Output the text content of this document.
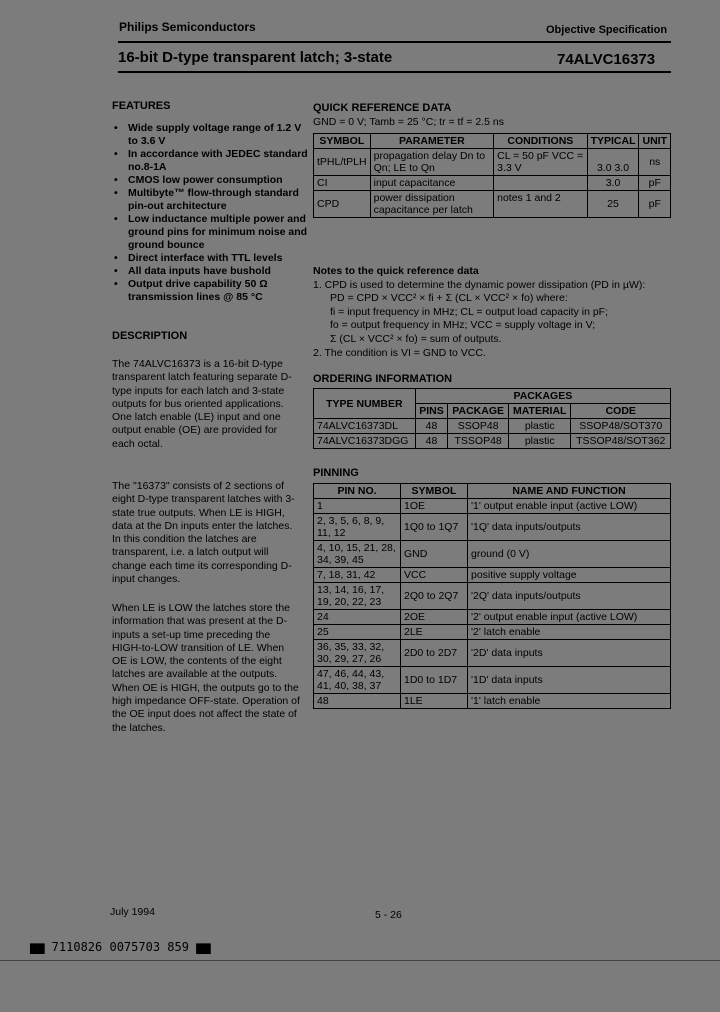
Philips Semiconductors	Objective Specification
16-bit D-type transparent latch; 3-state	74ALVC16373
FEATURES
• Wide supply voltage range of 1.2 V to 3.6 V
• In accordance with JEDEC standard no.8-1A
• CMOS low power consumption
• Multibyte™ flow-through standard pin-out architecture
• Low inductance multiple power and ground pins for minimum noise and ground bounce
• Direct interface with TTL levels
• All data inputs have bushold
• Output drive capability 50 Ω transmission lines @ 85 °C
DESCRIPTION
The 74ALVC16373 is a 16-bit D-type transparent latch featuring separate D-type inputs for each latch and 3-state outputs for bus oriented applications. One latch enable (LE) input and one output enable (OE) are provided for each octal.
The "16373" consists of 2 sections of eight D-type transparent latches with 3-state true outputs. When LE is HIGH, data at the Dn inputs enter the latches. In this condition the latches are transparent, i.e. a latch output will change each time its corresponding D-input changes.
When LE is LOW the latches store the information that was present at the D-inputs a set-up time preceding the HIGH-to-LOW transition of LE. When OE is LOW, the contents of the eight latches are available at the outputs. When OE is HIGH, the outputs go to the high impedance OFF-state. Operation of the OE input does not affect the state of the latches.
QUICK REFERENCE DATA
GND = 0 V; Tamb = 25 °C; tr = tf = 2.5 ns
SYMBOL	PARAMETER	CONDITIONS	TYPICAL	UNIT
tPHL/tPLH	propagation delay Dn to Qn; LE to Qn	CL = 50 pF VCC = 3.3 V	3.0 3.0	ns
CI	input capacitance		3.0	pF
CPD	power dissipation capacitance per latch	notes 1 and 2	25	pF
Notes to the quick reference data
1. CPD is used to determine the dynamic power dissipation (PD in µW):
PD = CPD × VCC² × fi + Σ (CL × VCC² × fo) where:
fi = input frequency in MHz; CL = output load capacity in pF;
fo = output frequency in MHz; VCC = supply voltage in V;
Σ (CL × VCC² × fo) = sum of outputs.
2. The condition is VI = GND to VCC.
ORDERING INFORMATION
TYPE NUMBER	PACKAGES			
	PINS	PACKAGE	MATERIAL	CODE
74ALVC16373DL	48	SSOP48	plastic	SSOP48/SOT370
74ALVC16373DGG	48	TSSOP48	plastic	TSSOP48/SOT362
PINNING
PIN NO.	SYMBOL	NAME AND FUNCTION
1	1OE	'1' output enable input (active LOW)
2, 3, 5, 6, 8, 9, 11, 12	1Q0 to 1Q7	'1Q' data inputs/outputs
4, 10, 15, 21, 28, 34, 39, 45	GND	ground (0 V)
7, 18, 31, 42	VCC	positive supply voltage
13, 14, 16, 17, 19, 20, 22, 23	2Q0 to 2Q7	'2Q' data inputs/outputs
24	2OE	'2' output enable input (active LOW)
25	2LE	'2' latch enable
36, 35, 33, 32, 30, 29, 27, 26	2D0 to 2D7	'2D' data inputs
47, 46, 44, 43, 41, 40, 38, 37	1D0 to 1D7	'1D' data inputs
48	1LE	'1' latch enable
July 1994	5 - 26
▆▆ 7110826 0075703 859 ▆▆
